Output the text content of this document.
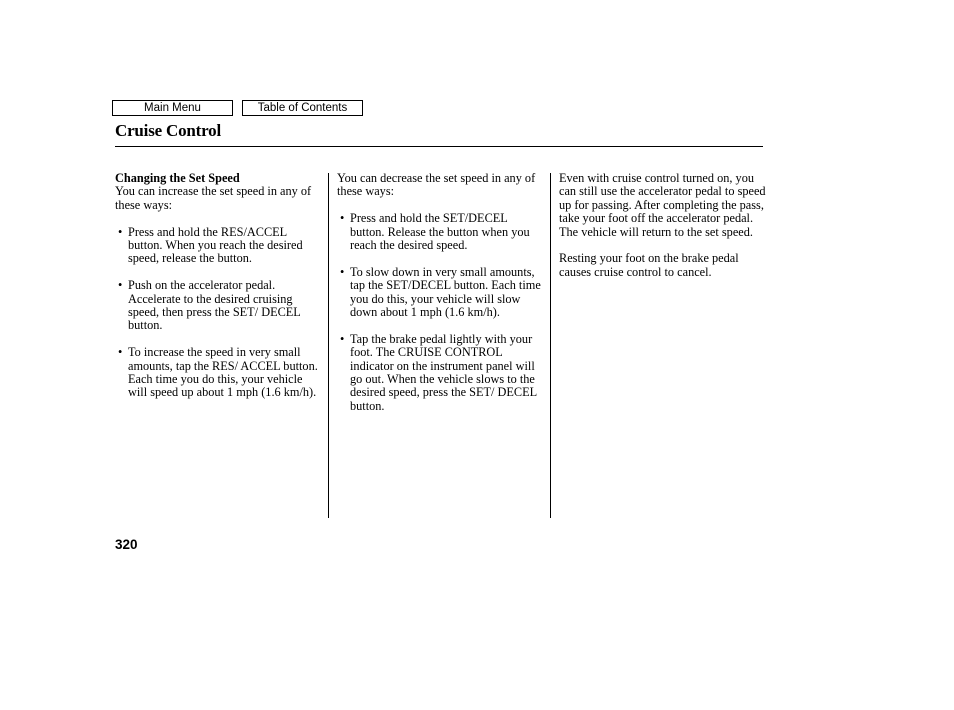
Main Menu	Table of Contents
Cruise Control
Changing the Set Speed

You can increase the set speed in any of these ways:

• Press and hold the RES/ACCEL button. When you reach the desired speed, release the button.
• Push on the accelerator pedal. Accelerate to the desired cruising speed, then press the SET/ DECEL button.
• To increase the speed in very small amounts, tap the RES/ ACCEL button. Each time you do this, your vehicle will speed up about 1 mph (1.6 km/h).

You can decrease the set speed in any of these ways:

• Press and hold the SET/DECEL button. Release the button when you reach the desired speed.
• To slow down in very small amounts, tap the SET/DECEL button. Each time you do this, your vehicle will slow down about 1 mph (1.6 km/h).
• Tap the brake pedal lightly with your foot. The CRUISE CONTROL indicator on the instrument panel will go out. When the vehicle slows to the desired speed, press the SET/ DECEL button.

Even with cruise control turned on, you can still use the accelerator pedal to speed up for passing. After completing the pass, take your foot off the accelerator pedal. The vehicle will return to the set speed.

Resting your foot on the brake pedal causes cruise control to cancel.

320
